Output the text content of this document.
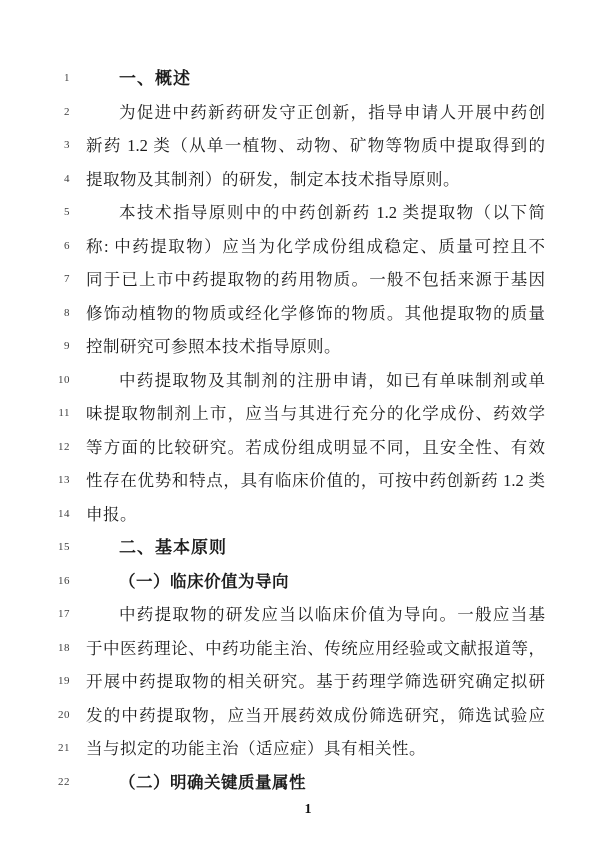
1	一、概述
2	为促进中药新药研发守正创新，指导申请人开展中药创
3 新药 1.2 类（从单一植物、动物、矿物等物质中提取得到的
4 提取物及其制剂）的研发，制定本技术指导原则。
5	本技术指导原则中的中药创新药 1.2 类提取物（以下简
6 称: 中药提取物）应当为化学成份组成稳定、质量可控且不
7 同于已上市中药提取物的药用物质。一般不包括来源于基因
8 修饰动植物的物质或经化学修饰的物质。其他提取物的质量
9 控制研究可参照本技术指导原则。
10	中药提取物及其制剂的注册申请，如已有单味制剂或单
11 味提取物制剂上市，应当与其进行充分的化学成份、药效学
12 等方面的比较研究。若成份组成明显不同，且安全性、有效
13 性存在优势和特点，具有临床价值的，可按中药创新药 1.2 类
14 申报。
15	二、基本原则
16	（一）临床价值为导向
17	中药提取物的研发应当以临床价值为导向。一般应当基
18 于中医药理论、中药功能主治、传统应用经验或文献报道等，
19 开展中药提取物的相关研究。基于药理学筛选研究确定拟研
20 发的中药提取物，应当开展药效成份筛选研究，筛选试验应
21 当与拟定的功能主治（适应症）具有相关性。
22	（二）明确关键质量属性
1
